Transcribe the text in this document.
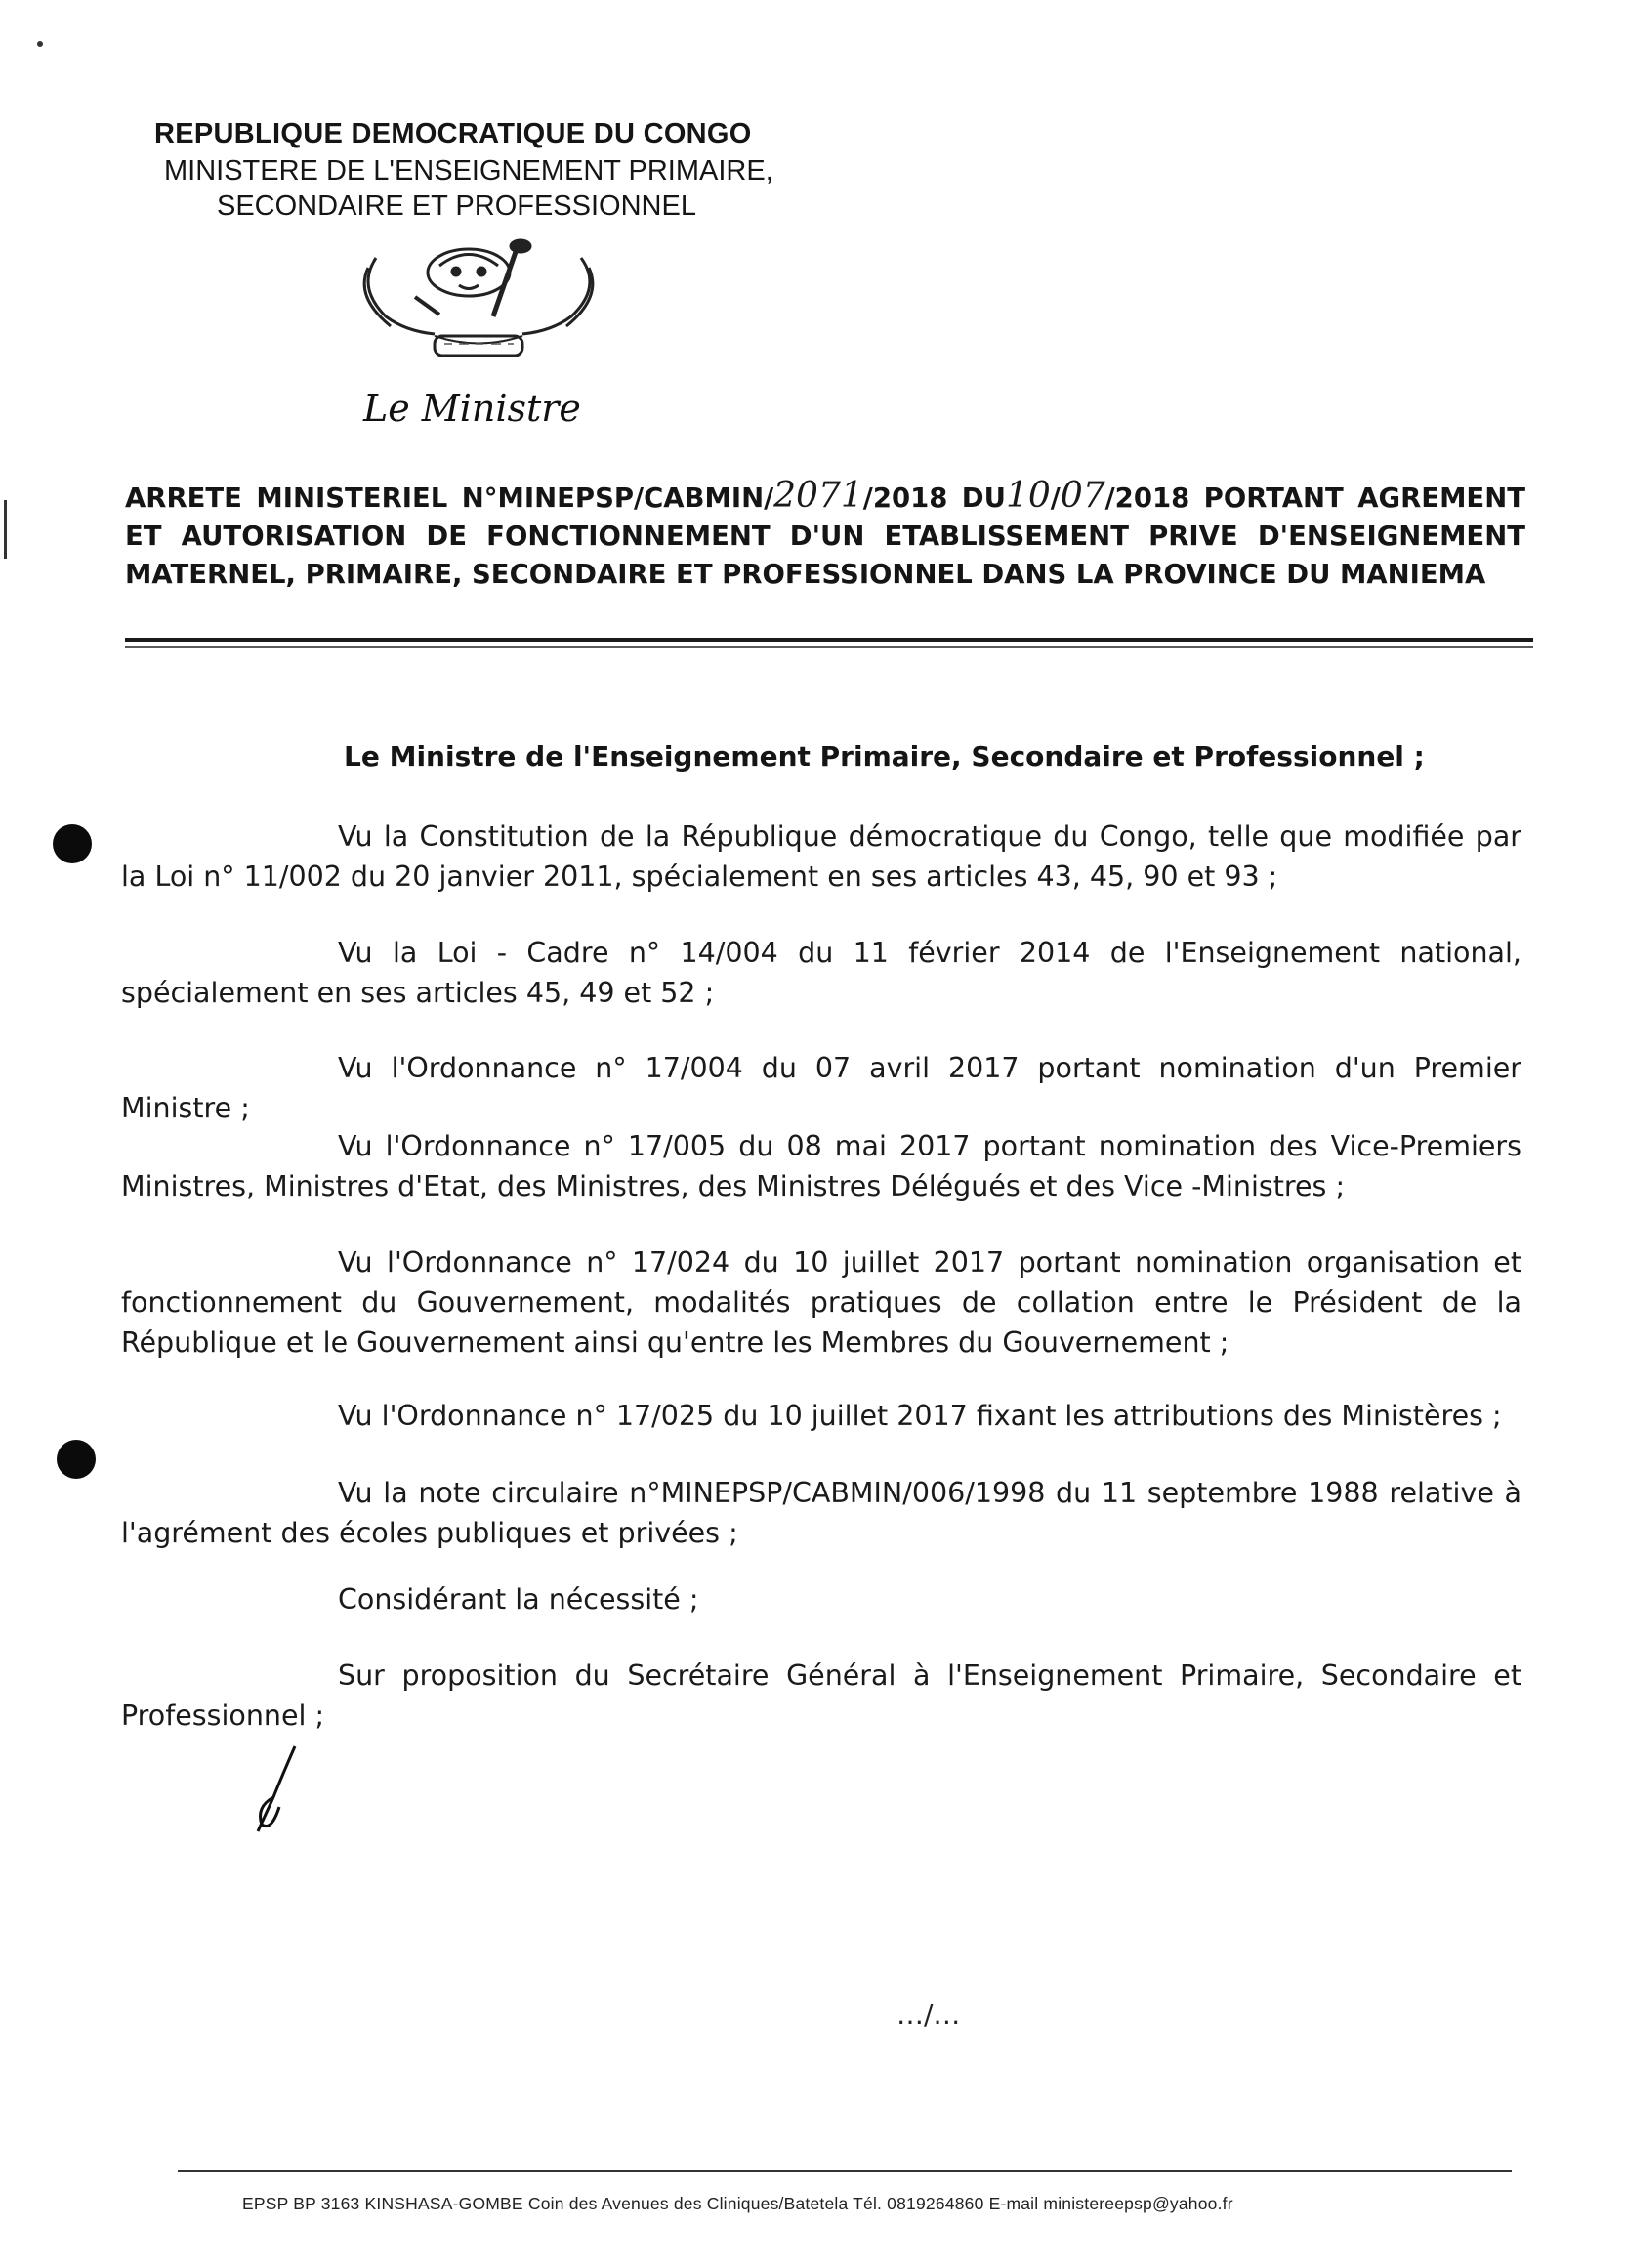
REPUBLIQUE DEMOCRATIQUE DU CONGO
MINISTERE DE L'ENSEIGNEMENT PRIMAIRE,
SECONDAIRE ET PROFESSIONNEL
Le Ministre
ARRETE MINISTERIEL N°MINEPSP/CABMIN/2071/2018 DU10/07/2018 PORTANT AGREMENT ET AUTORISATION DE FONCTIONNEMENT D'UN ETABLISSEMENT PRIVE D'ENSEIGNEMENT MATERNEL, PRIMAIRE, SECONDAIRE ET PROFESSIONNEL DANS LA PROVINCE DU MANIEMA
Le Ministre de l'Enseignement Primaire, Secondaire et Professionnel ;
Vu la Constitution de la République démocratique du Congo, telle que modifiée par la Loi n° 11/002 du 20 janvier 2011, spécialement en ses articles 43, 45, 90 et 93 ;
Vu la Loi - Cadre n° 14/004 du 11 février 2014 de l'Enseignement national, spécialement en ses articles 45, 49 et 52 ;
Vu l'Ordonnance n° 17/004 du 07 avril 2017 portant nomination d'un Premier Ministre ;
Vu l'Ordonnance n° 17/005 du 08 mai 2017 portant nomination des Vice-Premiers Ministres, Ministres d'Etat, des Ministres, des Ministres Délégués et des Vice -Ministres ;
Vu l'Ordonnance n° 17/024 du 10 juillet 2017 portant nomination organisation et fonctionnement du Gouvernement, modalités pratiques de collation entre le Président de la République et le Gouvernement ainsi qu'entre les Membres du Gouvernement ;
Vu l'Ordonnance n° 17/025 du 10 juillet 2017 fixant les attributions des Ministères ;
Vu la note circulaire n°MINEPSP/CABMIN/006/1998 du 11 septembre 1988 relative à l'agrément des écoles publiques et privées ;
Considérant la nécessité ;
Sur proposition du Secrétaire Général à l'Enseignement Primaire, Secondaire et Professionnel ;
…/…
EPSP BP 3163 KINSHASA-GOMBE Coin des Avenues des Cliniques/Batetela Tél. 0819264860 E-mail ministereepsp@yahoo.fr
